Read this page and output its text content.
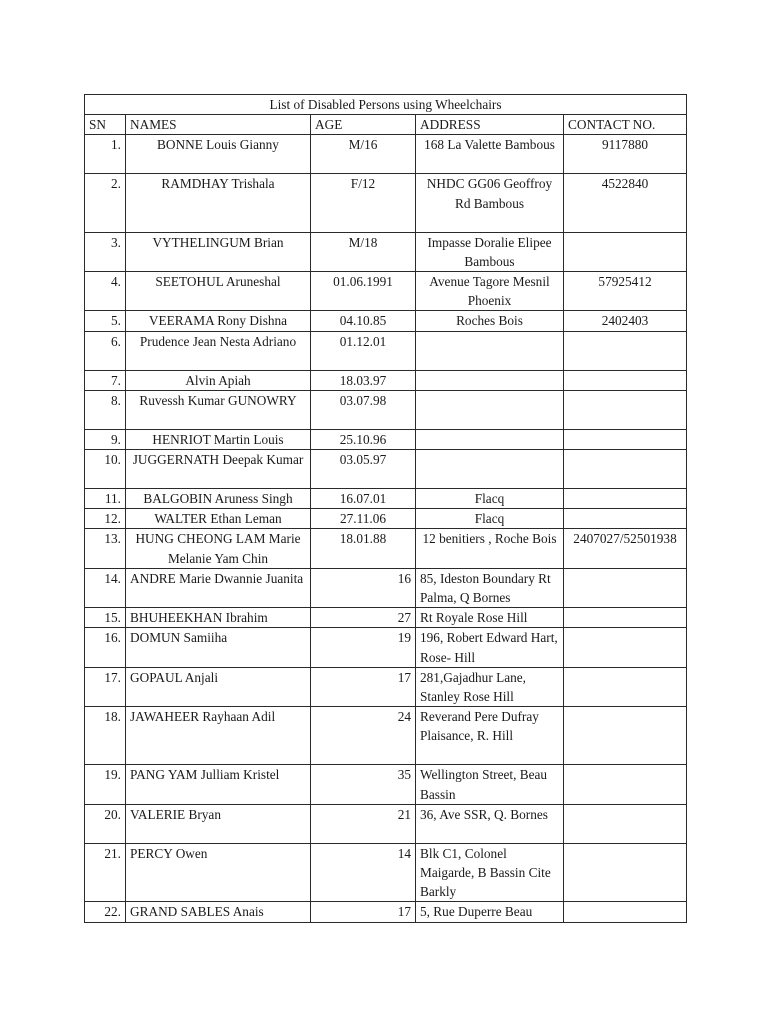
List of Disabled Persons using Wheelchairs				
SN	NAMES	AGE	ADDRESS	CONTACT NO.
1.	BONNE Louis Gianny	M/16	168 La Valette Bambous	9117880
2.	RAMDHAY Trishala	F/12	NHDC GG06 Geoffroy Rd Bambous	4522840
3.	VYTHELINGUM Brian	M/18	Impasse Doralie Elipee Bambous	
4.	SEETOHUL Aruneshal	01.06.1991	Avenue Tagore Mesnil Phoenix	57925412
5.	VEERAMA Rony Dishna	04.10.85	Roches Bois	2402403
6.	Prudence Jean Nesta Adriano	01.12.01		
7.	Alvin Apiah	18.03.97		
8.	Ruvessh Kumar GUNOWRY	03.07.98		
9.	HENRIOT Martin Louis	25.10.96		
10.	JUGGERNATH Deepak Kumar	03.05.97		
11.	BALGOBIN Aruness Singh	16.07.01	Flacq	
12.	WALTER Ethan Leman	27.11.06	Flacq	
13.	HUNG CHEONG LAM Marie Melanie Yam Chin	18.01.88	12 benitiers , Roche Bois	2407027/52501938
14.	ANDRE Marie Dwannie Juanita	16	85, Ideston Boundary Rt Palma, Q Bornes	
15.	BHUHEEKHAN Ibrahim	27	Rt Royale Rose Hill	
16.	DOMUN Samiiha	19	196, Robert Edward Hart, Rose- Hill	
17.	GOPAUL Anjali	17	281,Gajadhur Lane, Stanley Rose Hill	
18.	JAWAHEER Rayhaan Adil	24	Reverand Pere Dufray Plaisance, R. Hill	
19.	PANG YAM Julliam Kristel	35	Wellington Street, Beau Bassin	
20.	VALERIE Bryan	21	36, Ave SSR, Q. Bornes	
21.	PERCY Owen	14	Blk C1, Colonel Maigarde, B Bassin Cite Barkly	
22.	GRAND SABLES Anais	17	5, Rue Duperre Beau	
